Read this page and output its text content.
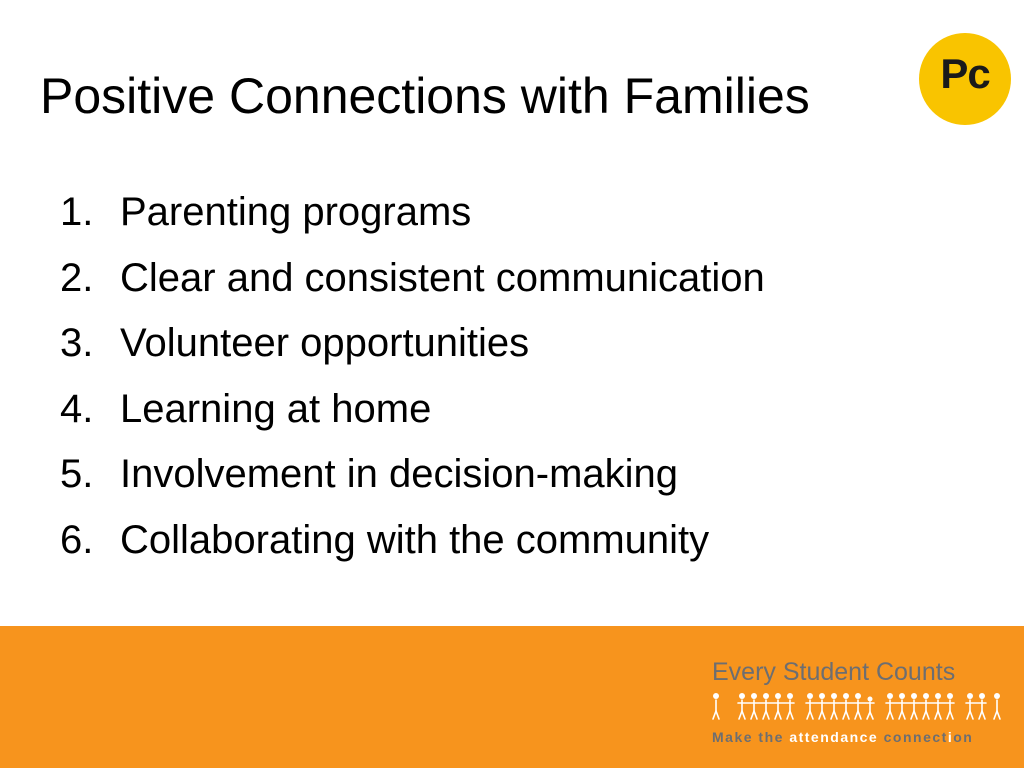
Positive Connections with Families	Pc
1. Parenting programs
2. Clear and consistent communication
3. Volunteer opportunities
4. Learning at home
5. Involvement in decision-making
6. Collaborating with the community
Every Student Counts
Make the attendance connection
